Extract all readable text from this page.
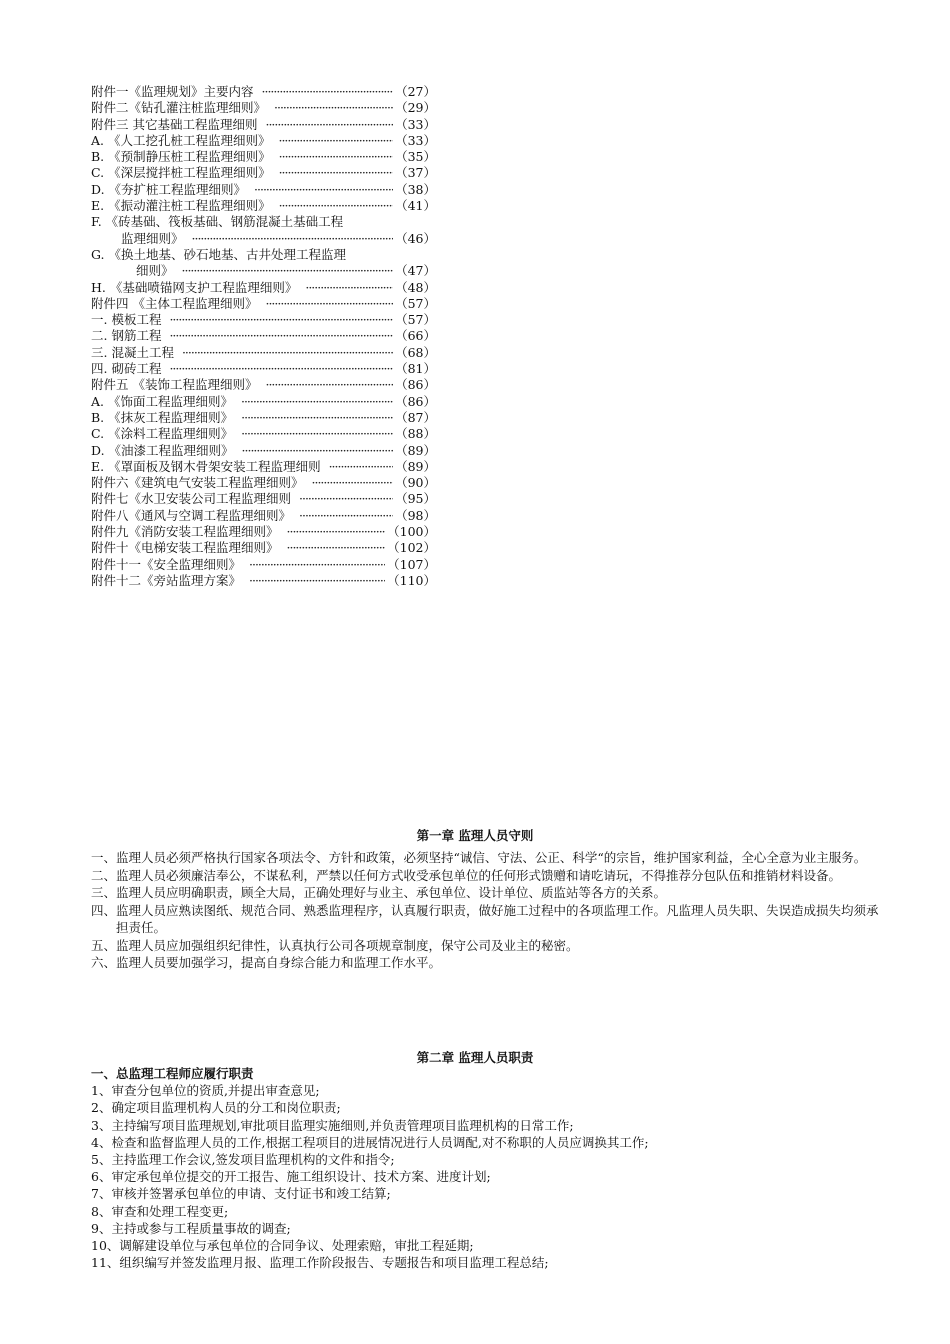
附件一《监理规划》主要内容 ·····	（27）
附件二《钻孔灌注桩监理细则》 ·····	（29）
附件三 其它基础工程监理细则 ·····	（33）
A. 《人工挖孔桩工程监理细则》 ·····	（33）
B. 《预制静压桩工程监理细则》 ·····	（35）
C. 《深层搅拌桩工程监理细则》 ·····	（37）
D. 《夯扩桩工程监理细则》 ·····	（38）
E. 《振动灌注桩工程监理细则》 ·····	（41）
F. 《砖基础、筏板基础、钢筋混凝土基础工程
监理细则》 ·····	（46）
G. 《换土地基、砂石地基、古井处理工程监理
细则》 ·····	（47）
H. 《基础喷锚网支护工程监理细则》 ·····	（48）
附件四 《主体工程监理细则》 ·····	（57）
一. 模板工程 ·····	（57）
二. 钢筋工程 ·····	（66）
三. 混凝土工程 ·····	（68）
四. 砌砖工程 ·····	（81）
附件五 《装饰工程监理细则》 ·····	（86）
A. 《饰面工程监理细则》 ·····	（86）
B. 《抹灰工程监理细则》 ·····	（87）
C. 《涂料工程监理细则》 ·····	（88）
D. 《油漆工程监理细则》 ·····	（89）
E. 《罩面板及钢木骨架安装工程监理细则 ·····	（89）
附件六《建筑电气安装工程监理细则》 ·····	（90）
附件七《水卫安装公司工程监理细则 ·····	（95）
附件八《通风与空调工程监理细则》 ·····	（98）
附件九《消防安装工程监理细则》 ·····	（100）
附件十《电梯安装工程监理细则》 ·····	（102）
附件十一《安全监理细则》 ·····	（107）
附件十二《旁站监理方案》 ·····	（110）
第一章 监理人员守则

一、监理人员必须严格执行国家各项法令、方针和政策，必须坚持“诚信、守法、公正、科学“的宗旨，维护国家利益，全心全意为业主服务。

二、监理人员必须廉洁奉公，不谋私利，严禁以任何方式收受承包单位的任何形式馈赠和请吃请玩，不得推荐分包队伍和推销材料设备。

三、监理人员应明确职责，顾全大局，正确处理好与业主、承包单位、设计单位、质监站等各方的关系。

四、监理人员应熟读图纸、规范合同、熟悉监理程序，认真履行职责，做好施工过程中的各项监理工作。凡监理人员失职、失误造成损失均须承担责任。

五、监理人员应加强组织纪律性，认真执行公司各项规章制度，保守公司及业主的秘密。

六、监理人员要加强学习，提高自身综合能力和监理工作水平。

第二章 监理人员职责

一、总监理工程师应履行职责

1、审查分包单位的资质,并提出审查意见;

2、确定项目监理机构人员的分工和岗位职责;

3、主持编写项目监理规划,审批项目监理实施细则,并负责管理项目监理机构的日常工作;

4、检查和监督监理人员的工作,根据工程项目的进展情况进行人员调配,对不称职的人员应调换其工作;

5、主持监理工作会议,签发项目监理机构的文件和指令;

6、审定承包单位提交的开工报告、施工组织设计、技术方案、进度计划;

7、审核并签署承包单位的申请、支付证书和竣工结算;

8、审查和处理工程变更;

9、主持或参与工程质量事故的调查;

10、调解建设单位与承包单位的合同争议、处理索赔，审批工程延期;

11、组织编写并签发监理月报、监理工作阶段报告、专题报告和项目监理工程总结;
